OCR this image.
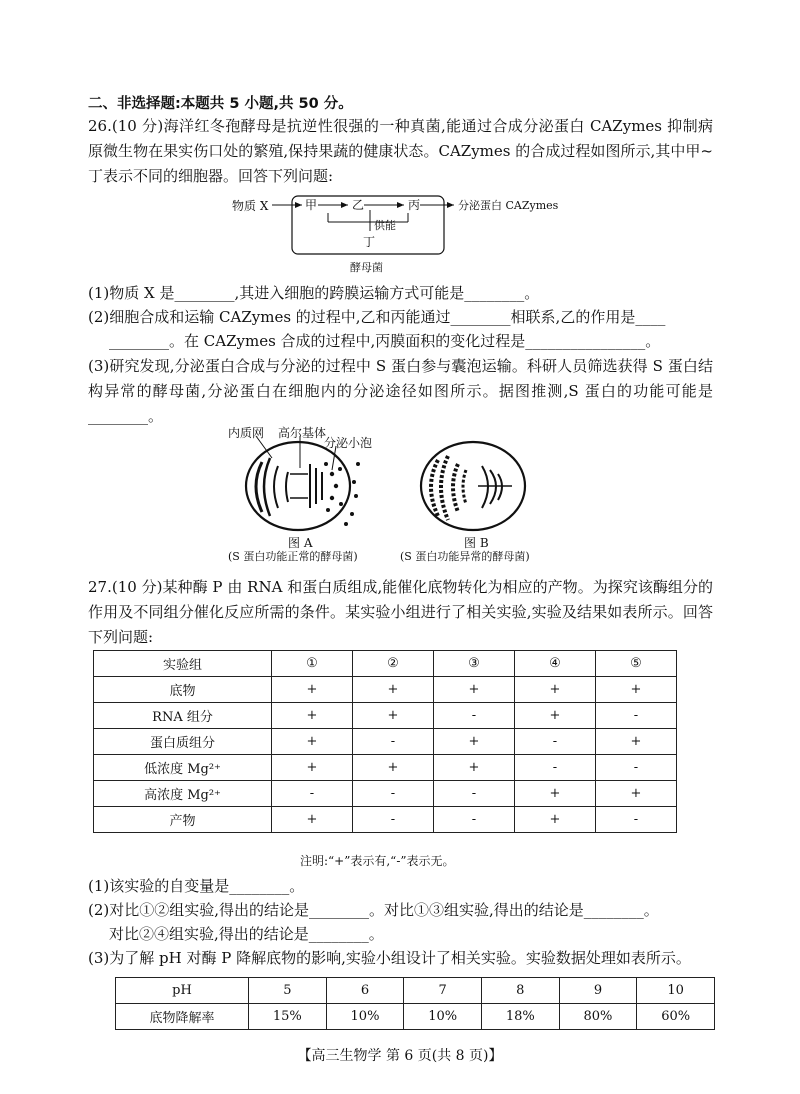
二、非选择题:本题共 5 小题,共 50 分。
26.(10 分)海洋红冬孢酵母是抗逆性很强的一种真菌,能通过合成分泌蛋白 CAZymes 抑制病原微生物在果实伤口处的繁殖,保持果蔬的健康状态。CAZymes 的合成过程如图所示,其中甲~丁表示不同的细胞器。回答下列问题:
物质 X	甲	乙	丙	分泌蛋白 CAZymes
供能
丁
酵母菌
(1)物质 X 是________,其进入细胞的跨膜运输方式可能是________。
(2)细胞合成和运输 CAZymes 的过程中,乙和丙能通过________相联系,乙的作用是____
________。在 CAZymes 合成的过程中,丙膜面积的变化过程是________________。
(3)研究发现,分泌蛋白合成与分泌的过程中 S 蛋白参与囊泡运输。科研人员筛选获得 S 蛋白结构异常的酵母菌,分泌蛋白在细胞内的分泌途径如图所示。据图推测,S 蛋白的功能可能是________。
内质网 高尔基体
分泌小泡
图 A
(S 蛋白功能正常的酵母菌)
图 B
(S 蛋白功能异常的酵母菌)
27.(10 分)某种酶 P 由 RNA 和蛋白质组成,能催化底物转化为相应的产物。为探究该酶组分的作用及不同组分催化反应所需的条件。某实验小组进行了相关实验,实验及结果如表所示。回答下列问题:
实验组	①	②	③	④	⑤
底物	+	+	+	+	+
RNA 组分	+	+	-	+	-
蛋白质组分	+	-	+	-	+
低浓度 Mg²⁺	+	+	+	-	-
高浓度 Mg²⁺	-	-	-	+	+
产物	+	-	-	+	-
注明:“+”表示有,“-”表示无。
(1)该实验的自变量是________。
(2)对比①②组实验,得出的结论是________。对比①③组实验,得出的结论是________。
对比②④组实验,得出的结论是________。
(3)为了解 pH 对酶 P 降解底物的影响,实验小组设计了相关实验。实验数据处理如表所示。
pH	5	6	7	8	9	10
底物降解率	15%	10%	10%	18%	80%	60%
【高三生物学 第 6 页(共 8 页)】
